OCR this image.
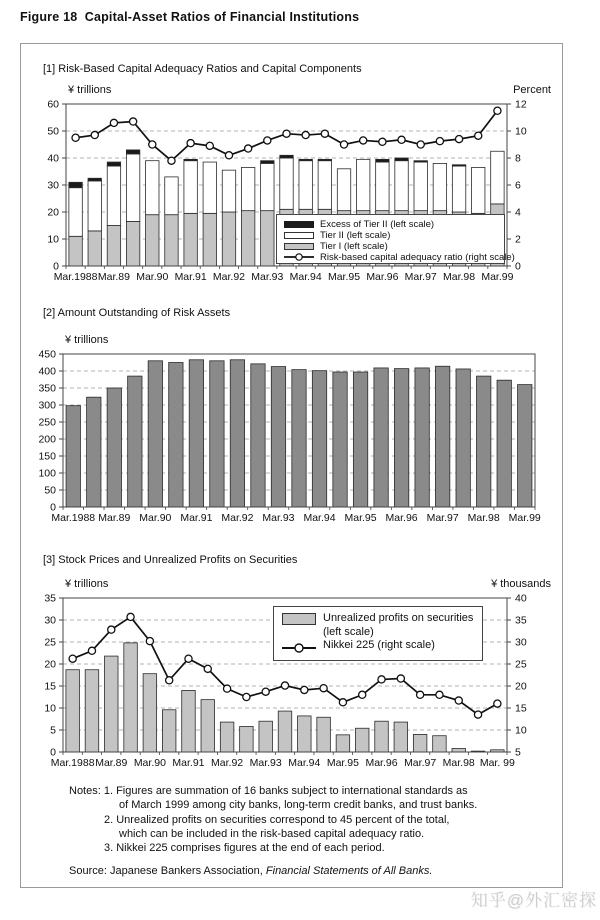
Figure 18  Capital-Asset Ratios of Financial Institutions
[1] Risk-Based Capital Adequacy Ratios and Capital Components
0
10
20
30
40
50
60
0
2
4
6
8
10
12
Mar.1988 Mar.89 Mar.90 Mar.91 Mar.92 Mar.93 Mar.94 Mar.95 Mar.96 Mar.97 Mar.98 Mar.99
¥ trillions	Percent
Excess of Tier II (left scale)
Tier II (left scale)
Tier I (left scale)
Risk-based capital adequacy ratio (right scale)
[2] Amount Outstanding of Risk Assets
0
50
100
150
200
250
300
350
400
450
Mar.1988 Mar.89 Mar.90 Mar.91 Mar.92 Mar.93 Mar.94 Mar.95 Mar.96 Mar.97 Mar.98 Mar.99
¥ trillions
[3] Stock Prices and Unrealized Profits on Securities
0
5
10
15
20
25
30
35
5
10
15
20
25
30
35
40
Mar.1988 Mar.89 Mar.90 Mar.91 Mar.92 Mar.93 Mar.94 Mar.95 Mar.96 Mar.97 Mar.98 Mar. 99
¥ trillions	¥ thousands
Unrealized profits on securities
(left scale)
Nikkei 225 (right scale)
Notes: 1. Figures are summation of 16 banks subject to international standards as
of March 1999 among city banks, long-term credit banks, and trust banks.
2. Unrealized profits on securities correspond to 45 percent of the total,
which can be included in the risk-based capital adequacy ratio.
3. Nikkei 225 comprises figures at the end of each period.
Source: Japanese Bankers Association, Financial Statements of All Banks.
知乎@外汇密探
